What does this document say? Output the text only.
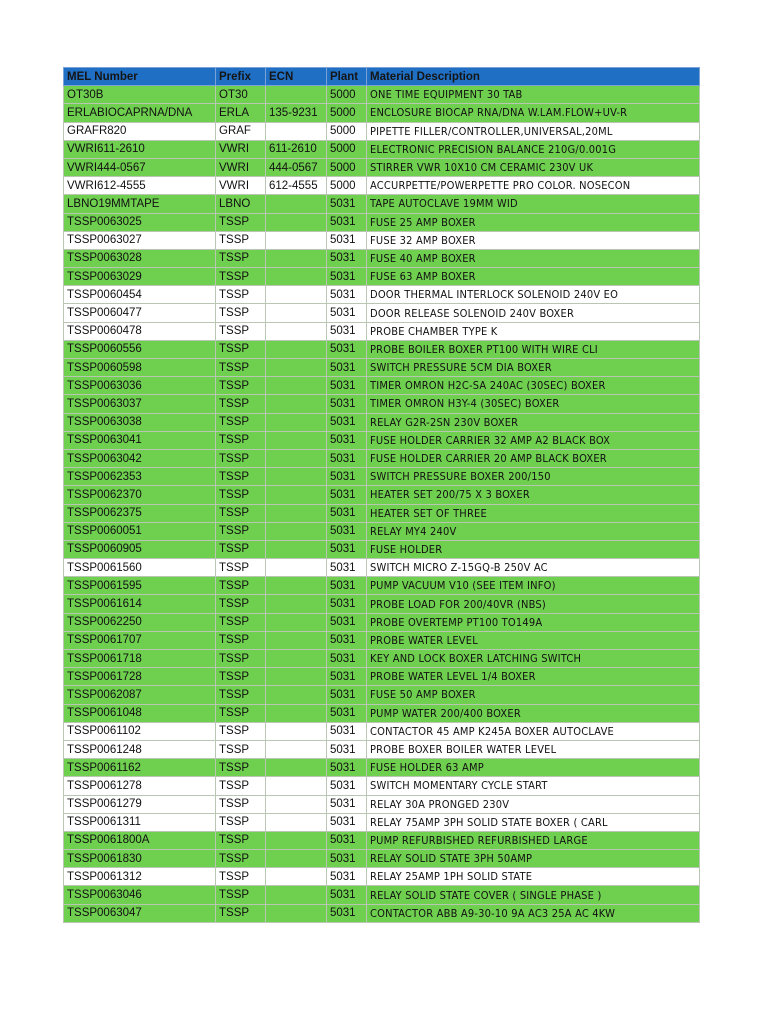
MEL Number	Prefix	ECN	Plant	Material Description
OT30B	OT30		5000	ONE TIME EQUIPMENT 30 TAB
ERLABIOCAPRNA/DNA	ERLA	135-9231	5000	ENCLOSURE BIOCAP RNA/DNA W.LAM.FLOW+UV-R
GRAFR820	GRAF		5000	PIPETTE FILLER/CONTROLLER,UNIVERSAL,20ML
VWRI611-2610	VWRI	611-2610	5000	ELECTRONIC PRECISION BALANCE 210G/0.001G
VWRI444-0567	VWRI	444-0567	5000	STIRRER VWR 10X10 CM CERAMIC 230V UK
VWRI612-4555	VWRI	612-4555	5000	ACCURPETTE/POWERPETTE PRO COLOR. NOSECON
LBNO19MMTAPE	LBNO		5031	TAPE AUTOCLAVE 19MM WID
TSSP0063025	TSSP		5031	FUSE 25 AMP BOXER
TSSP0063027	TSSP		5031	FUSE 32 AMP BOXER
TSSP0063028	TSSP		5031	FUSE 40 AMP BOXER
TSSP0063029	TSSP		5031	FUSE 63 AMP BOXER
TSSP0060454	TSSP		5031	DOOR THERMAL INTERLOCK SOLENOID 240V EO
TSSP0060477	TSSP		5031	DOOR RELEASE SOLENOID 240V BOXER
TSSP0060478	TSSP		5031	PROBE CHAMBER TYPE K
TSSP0060556	TSSP		5031	PROBE BOILER BOXER PT100 WITH WIRE CLI
TSSP0060598	TSSP		5031	SWITCH PRESSURE 5CM DIA BOXER
TSSP0063036	TSSP		5031	TIMER OMRON H2C-SA 240AC (30SEC) BOXER
TSSP0063037	TSSP		5031	TIMER OMRON H3Y-4 (30SEC) BOXER
TSSP0063038	TSSP		5031	RELAY G2R-2SN 230V BOXER
TSSP0063041	TSSP		5031	FUSE HOLDER CARRIER 32 AMP A2 BLACK BOX
TSSP0063042	TSSP		5031	FUSE HOLDER CARRIER 20 AMP BLACK BOXER
TSSP0062353	TSSP		5031	SWITCH PRESSURE BOXER 200/150
TSSP0062370	TSSP		5031	HEATER SET 200/75 X 3 BOXER
TSSP0062375	TSSP		5031	HEATER SET OF THREE
TSSP0060051	TSSP		5031	RELAY MY4 240V
TSSP0060905	TSSP		5031	FUSE HOLDER
TSSP0061560	TSSP		5031	SWITCH MICRO Z-15GQ-B 250V AC
TSSP0061595	TSSP		5031	PUMP VACUUM V10 (SEE ITEM INFO)
TSSP0061614	TSSP		5031	PROBE LOAD FOR 200/40VR (NBS)
TSSP0062250	TSSP		5031	PROBE OVERTEMP PT100 TO149A
TSSP0061707	TSSP		5031	PROBE WATER LEVEL
TSSP0061718	TSSP		5031	KEY AND LOCK BOXER LATCHING SWITCH
TSSP0061728	TSSP		5031	PROBE WATER LEVEL 1/4 BOXER
TSSP0062087	TSSP		5031	FUSE 50 AMP BOXER
TSSP0061048	TSSP		5031	PUMP WATER 200/400 BOXER
TSSP0061102	TSSP		5031	CONTACTOR 45 AMP K245A BOXER AUTOCLAVE
TSSP0061248	TSSP		5031	PROBE BOXER BOILER WATER LEVEL
TSSP0061162	TSSP		5031	FUSE HOLDER 63 AMP
TSSP0061278	TSSP		5031	SWITCH MOMENTARY CYCLE START
TSSP0061279	TSSP		5031	RELAY 30A PRONGED 230V
TSSP0061311	TSSP		5031	RELAY 75AMP 3PH SOLID STATE BOXER ( CARL
TSSP0061800A	TSSP		5031	PUMP REFURBISHED REFURBISHED LARGE
TSSP0061830	TSSP		5031	RELAY SOLID STATE 3PH 50AMP
TSSP0061312	TSSP		5031	RELAY 25AMP 1PH SOLID STATE
TSSP0063046	TSSP		5031	RELAY SOLID STATE COVER ( SINGLE PHASE )
TSSP0063047	TSSP		5031	CONTACTOR ABB A9-30-10 9A AC3 25A AC 4KW
